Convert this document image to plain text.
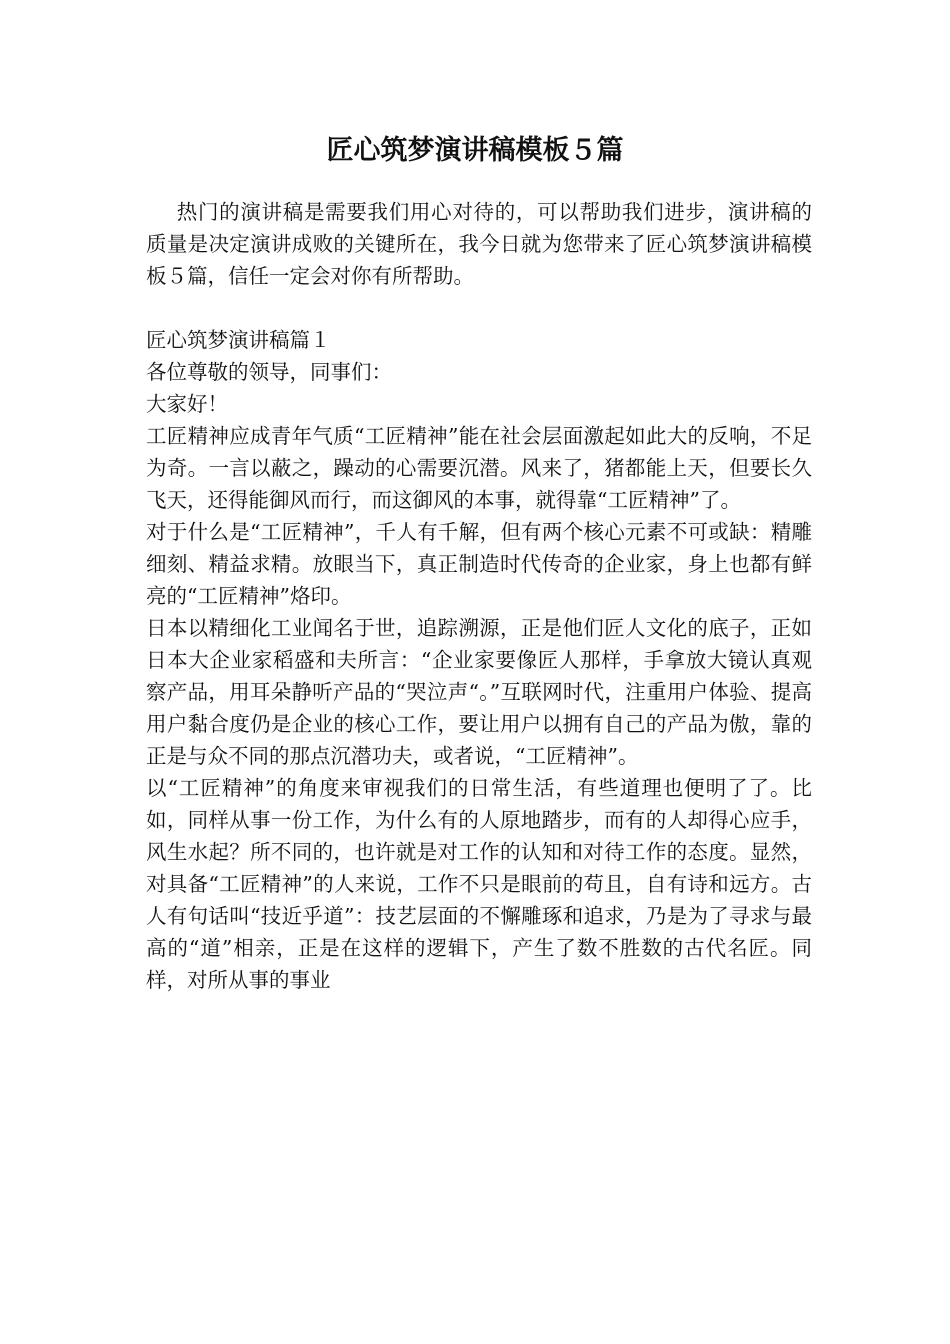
匠心筑梦演讲稿模板５篇

热门的演讲稿是需要我们用心对待的，可以帮助我们进步，演讲稿的质量是决定演讲成败的关键所在，我今日就为您带来了匠心筑梦演讲稿模板５篇，信任一定会对你有所帮助。

匠心筑梦演讲稿篇１

各位尊敬的领导，同事们：

大家好！

工匠精神应成青年气质“工匠精神”能在社会层面激起如此大的反响，不足为奇。一言以蔽之，躁动的心需要沉潜。风来了，猪都能上天，但要长久飞天，还得能御风而行，而这御风的本事，就得靠“工匠精神”了。

对于什么是“工匠精神”，千人有千解，但有两个核心元素不可或缺：精雕细刻、精益求精。放眼当下，真正制造时代传奇的企业家，身上也都有鲜亮的“工匠精神”烙印。

日本以精细化工业闻名于世，追踪溯源，正是他们匠人文化的底子，正如日本大企业家稻盛和夫所言：“企业家要像匠人那样，手拿放大镜认真观察产品，用耳朵静听产品的“哭泣声“。”互联网时代，注重用户体验、提高用户黏合度仍是企业的核心工作，要让用户以拥有自己的产品为傲，靠的正是与众不同的那点沉潜功夫，或者说，“工匠精神”。

以“工匠精神”的角度来审视我们的日常生活，有些道理也便明了了。比如，同样从事一份工作，为什么有的人原地踏步，而有的人却得心应手，风生水起？所不同的，也许就是对工作的认知和对待工作的态度。显然，对具备“工匠精神”的人来说，工作不只是眼前的苟且，自有诗和远方。古人有句话叫“技近乎道”：技艺层面的不懈雕琢和追求，乃是为了寻求与最高的“道”相亲，正是在这样的逻辑下，产生了数不胜数的古代名匠。同样，对所从事的事业
